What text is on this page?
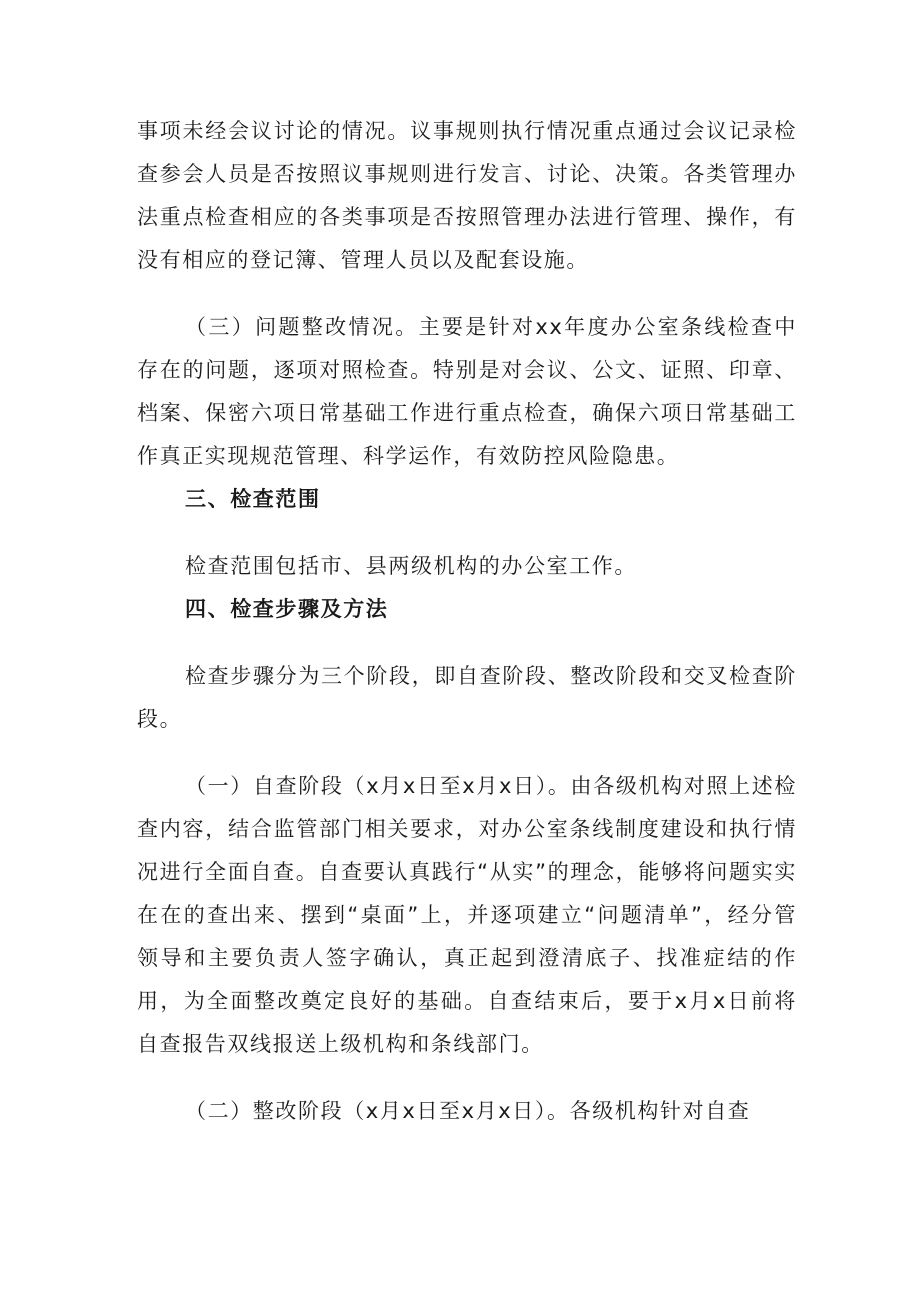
事项未经会议讨论的情况。议事规则执行情况重点通过会议记录检查参会人员是否按照议事规则进行发言、讨论、决策。各类管理办法重点检查相应的各类事项是否按照管理办法进行管理、操作，有没有相应的登记簿、管理人员以及配套设施。

（三）问题整改情况。主要是针对xx年度办公室条线检查中存在的问题，逐项对照检查。特别是对会议、公文、证照、印章、档案、保密六项日常基础工作进行重点检查，确保六项日常基础工作真正实现规范管理、科学运作，有效防控风险隐患。

三、检查范围

检查范围包括市、县两级机构的办公室工作。

四、检查步骤及方法

检查步骤分为三个阶段，即自查阶段、整改阶段和交叉检查阶段。

（一）自查阶段（x月x日至x月x日）。由各级机构对照上述检查内容，结合监管部门相关要求，对办公室条线制度建设和执行情况进行全面自查。自查要认真践行“从实”的理念，能够将问题实实在在的查出来、摆到“桌面”上，并逐项建立“问题清单”，经分管领导和主要负责人签字确认，真正起到澄清底子、找准症结的作用，为全面整改奠定良好的基础。自查结束后，要于x月x日前将自查报告双线报送上级机构和条线部门。

（二）整改阶段（x月x日至x月x日）。各级机构针对自查
